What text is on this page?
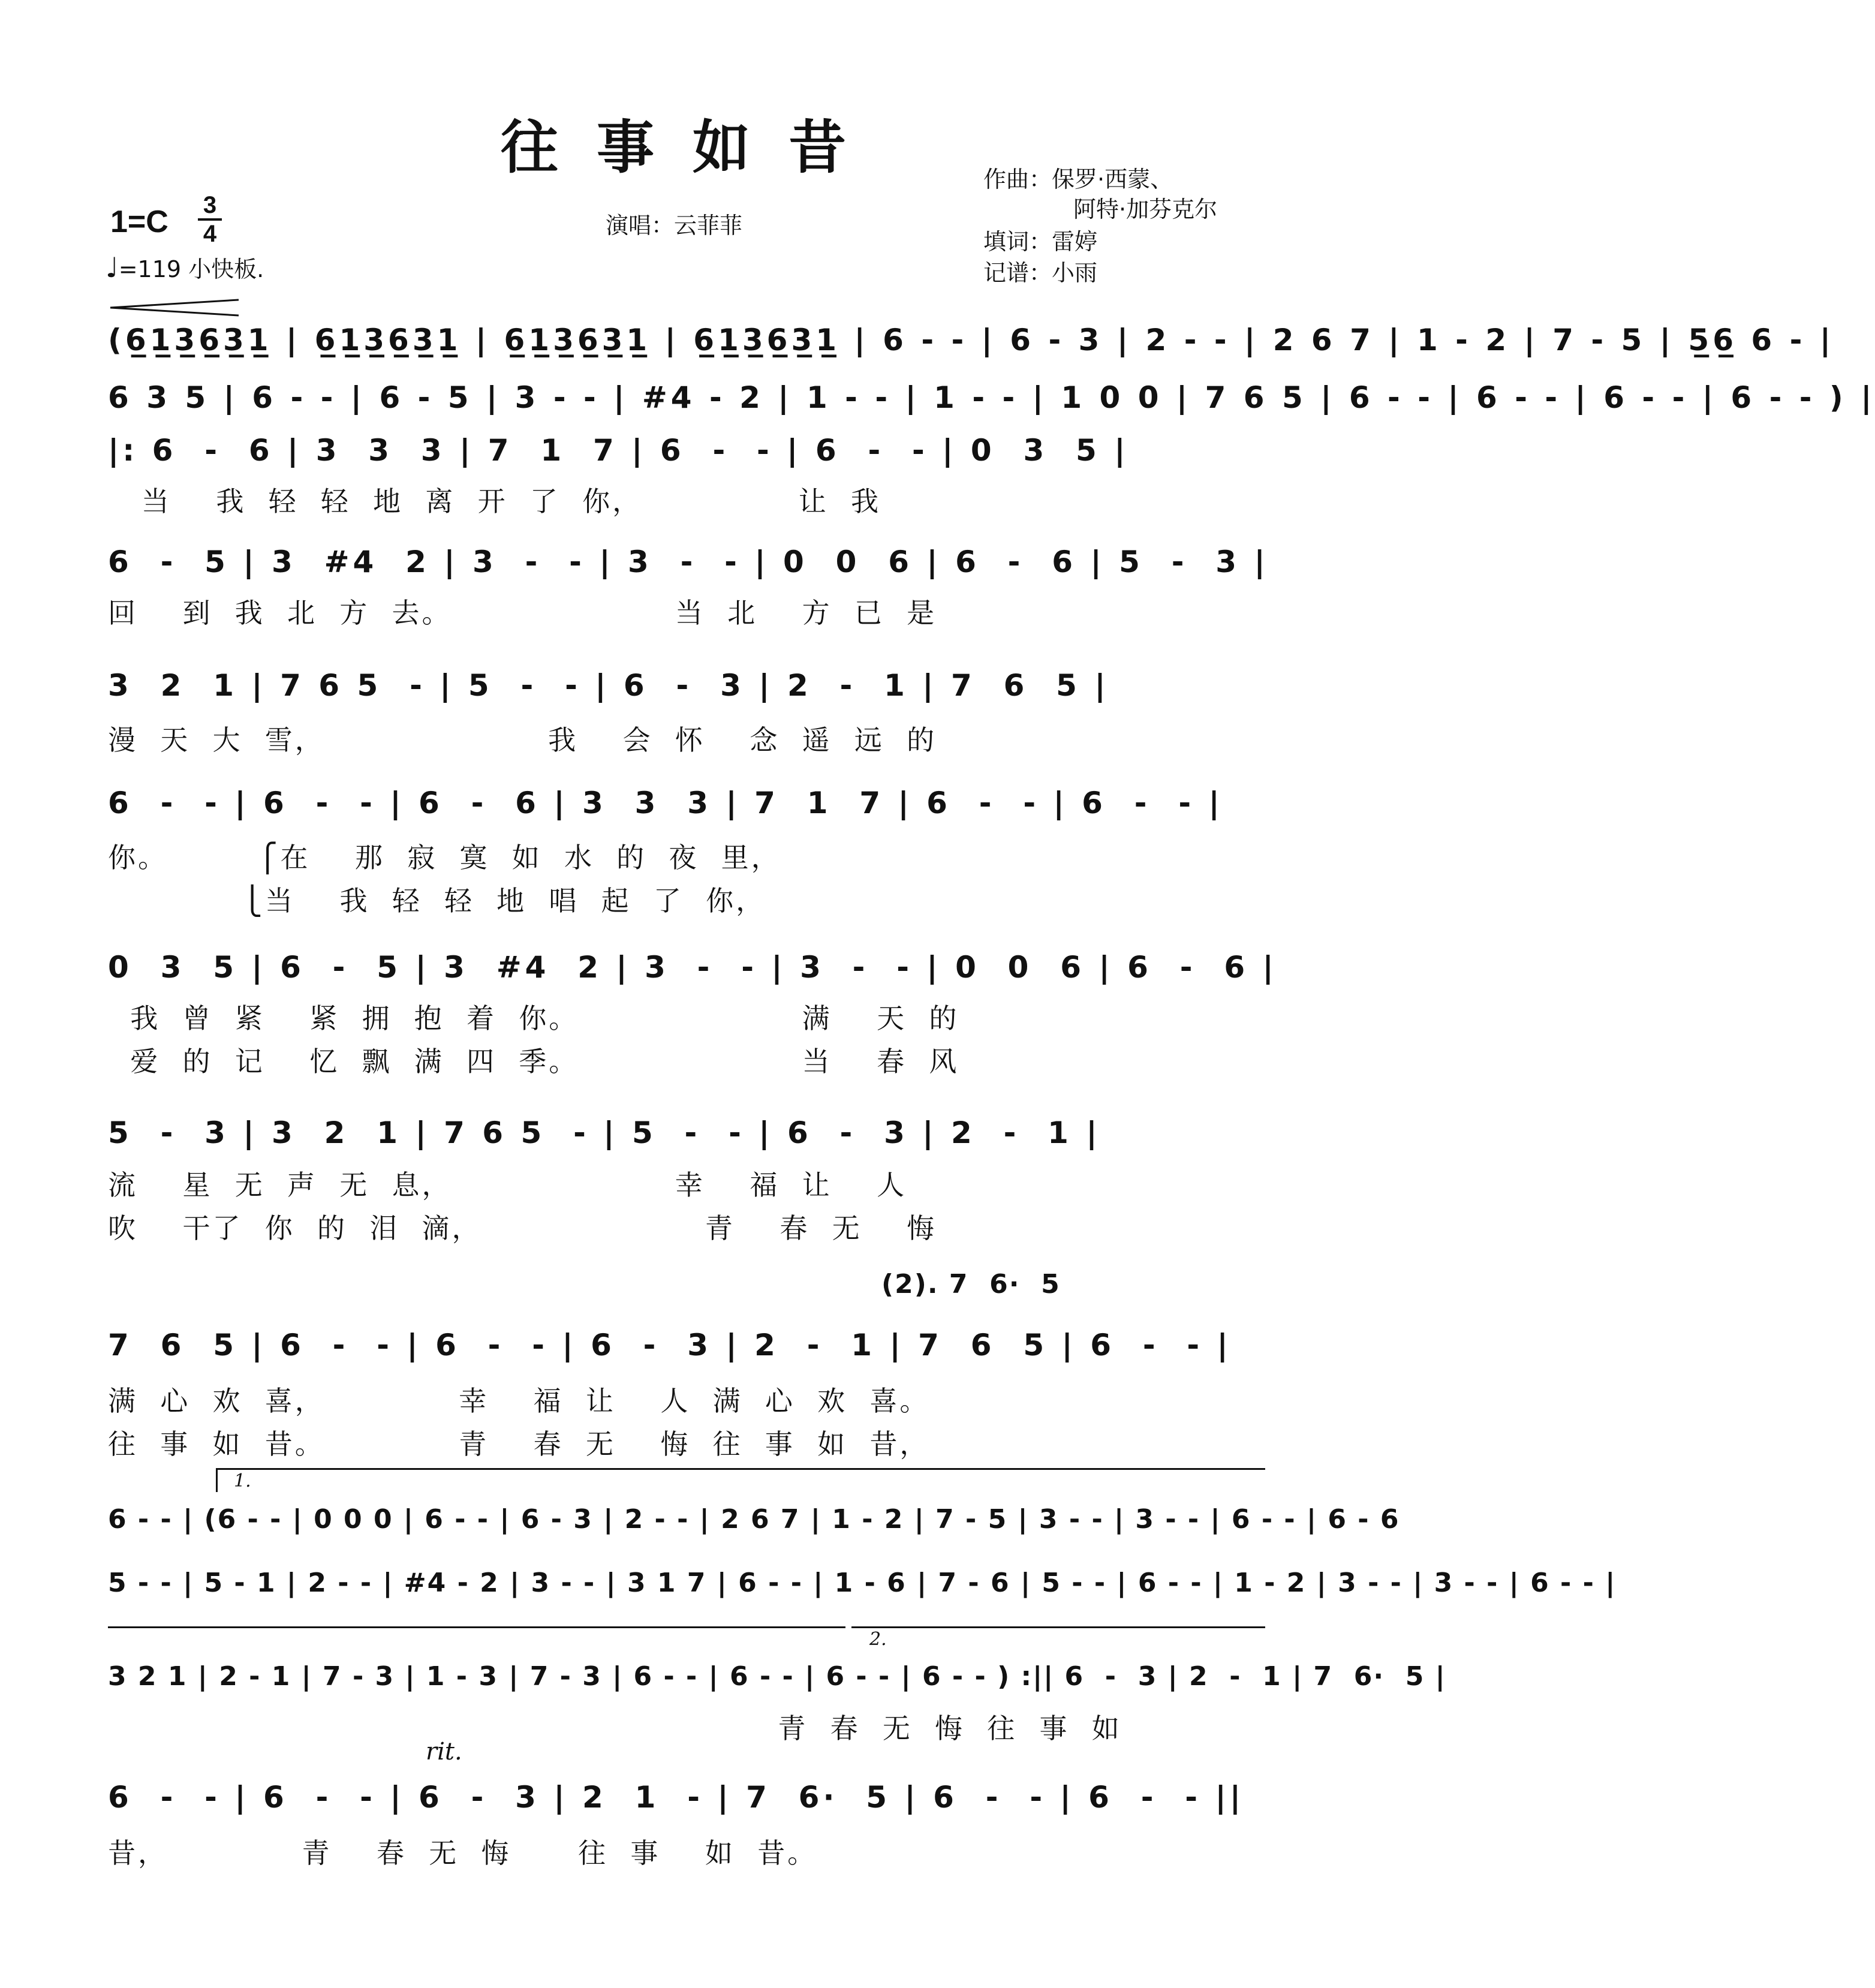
往事如昔	作曲：保罗·西蒙、
阿特·加芬克尔
填词：雷婷
记谱：小雨
演唱：云菲菲
1=C 3
4
♩=119 小快板.
(6̲1̲3̲6̲3̲1̲ | 6̲1̲3̲6̲3̲1̲ | 6̲1̲3̲6̲3̲1̲ | 6̲1̲3̲6̲3̲1̲ | 6 - - | 6 - 3 | 2 - - | 2 6 7 | 1 - 2 | 7 - 5 | 5̲6̲ 6 - |
6 3 5 | 6 - - | 6 - 5 | 3 - - | #4 - 2 | 1 - - | 1 - - | 1 0 0 | 7 6 5 | 6 - - | 6 - - | 6 - - | 6 - - ) |
|: 6  -  6 | 3  3  3 | 7  1  7 | 6  -  - | 6  -  - | 0  3  5 |
当    我  轻  轻  地  离  开  了  你，              让  我
6  -  5 | 3  #4  2 | 3  -  - | 3  -  - | 0  0  6 | 6  -  6 | 5  -  3 |
回    到  我  北  方  去。                    当  北    方  已  是
3  2  1 | 7 6 5  - | 5  -  - | 6  -  3 | 2  -  1 | 7  6  5 |
漫  天  大  雪，                    我    会  怀    念  遥  远  的
6  -  - | 6  -  - | 6  -  6 | 3  3  3 | 7  1  7 | 6  -  - | 6  -  - |
你。        ⎧在    那  寂  寞  如  水  的  夜  里，
⎩当    我  轻  轻  地  唱  起  了  你，
0  3  5 | 6  -  5 | 3  #4  2 | 3  -  - | 3  -  - | 0  0  6 | 6  -  6 |
我  曾  紧    紧  拥  抱  着  你。                    满    天  的
爱  的  记    忆  飘  满  四  季。                    当    春  风
5  -  3 | 3  2  1 | 7 6 5  - | 5  -  - | 6  -  3 | 2  -  1 |
流    星  无  声  无  息，                    幸    福  让    人
吹    干了  你  的  泪  滴，                    青    春  无    悔
(2). 7  6·  5
7  6  5 | 6  -  - | 6  -  - | 6  -  3 | 2  -  1 | 7  6  5 | 6  -  - |
满  心  欢  喜，            幸    福  让    人  满  心  欢  喜。
往  事  如  昔。            青    春  无    悔  往  事  如  昔，
1.
6 - - | (6 - - | 0 0 0 | 6 - - | 6 - 3 | 2 - - | 2 6 7 | 1 - 2 | 7 - 5 | 3 - - | 3 - - | 6 - - | 6 - 6
5 - - | 5 - 1 | 2 - - | #4 - 2 | 3 - - | 3 1 7 | 6 - - | 1 - 6 | 7 - 6 | 5 - - | 6 - - | 1 - 2 | 3 - - | 3 - - | 6 - - |
2.
3 2 1 | 2 - 1 | 7 - 3 | 1 - 3 | 7 - 3 | 6 - - | 6 - - | 6 - - | 6 - - ) :|| 6  -  3 | 2  -  1 | 7  6·  5 |
青  春  无  悔  往  事  如
rit.
6  -  - | 6  -  - | 6  -  3 | 2  1  - | 7  6·  5 | 6  -  - | 6  -  - ||
昔，            青    春  无  悔      往  事    如  昔。
